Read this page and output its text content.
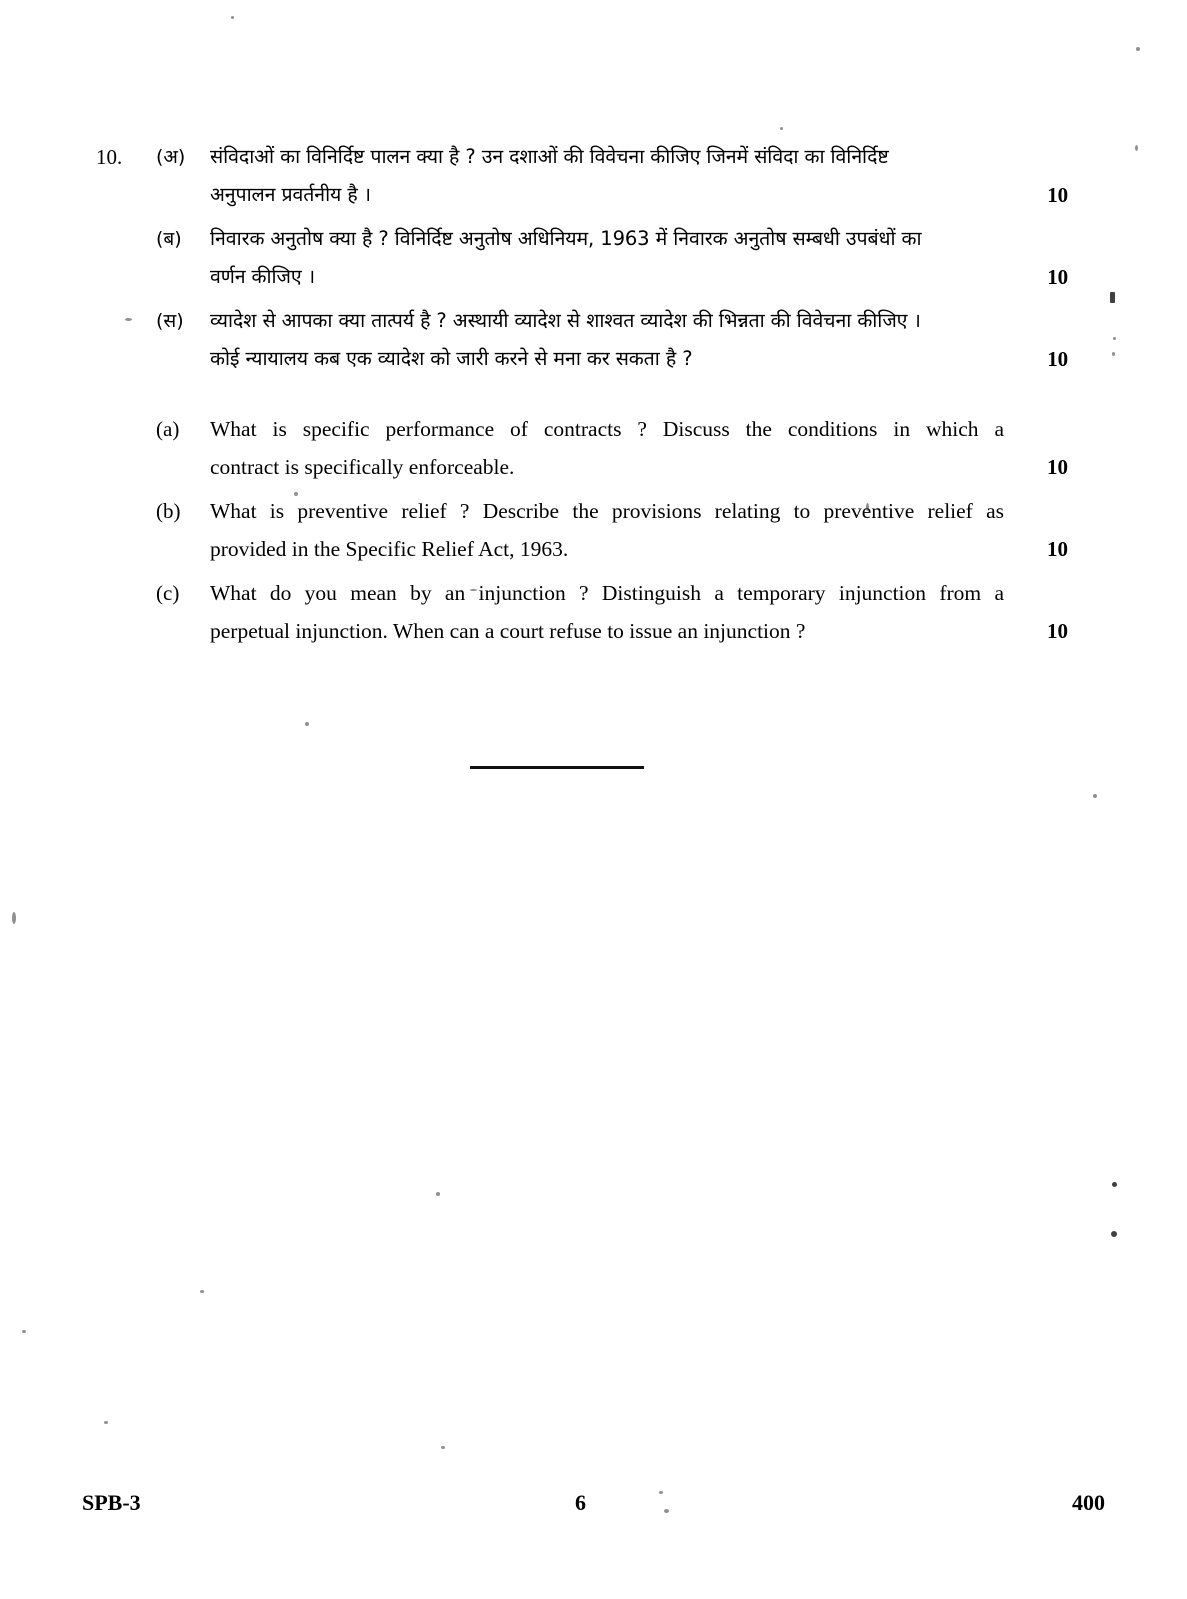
10.	(अ)	संविदाओं का विनिर्दिष्ट पालन क्या है ? उन दशाओं की विवेचना कीजिए जिनमें संविदा का विनिर्दिष्ट
अनुपालन प्रवर्तनीय है ।	10
(ब)	निवारक अनुतोष क्या है ? विनिर्दिष्ट अनुतोष अधिनियम, 1963 में निवारक अनुतोष सम्बधी उपबंधों का
वर्णन कीजिए ।	10
(स)	व्यादेश से आपका क्या तात्पर्य है ? अस्थायी व्यादेश से शाश्वत व्यादेश की भिन्नता की विवेचना कीजिए ।
कोई न्यायालय कब एक व्यादेश को जारी करने से मना कर सकता है ?	10
(a)	What is specific performance of contracts ? Discuss the conditions in which a
contract is specifically enforceable.	10
(b)	What is preventive relief ? Describe the provisions relating to preventive relief as
provided in the Specific Relief Act, 1963.	10
(c)	What do you mean by an injunction ? Distinguish a temporary injunction from a
perpetual injunction. When can a court refuse to issue an injunction ?	10
SPB-3	6	400
